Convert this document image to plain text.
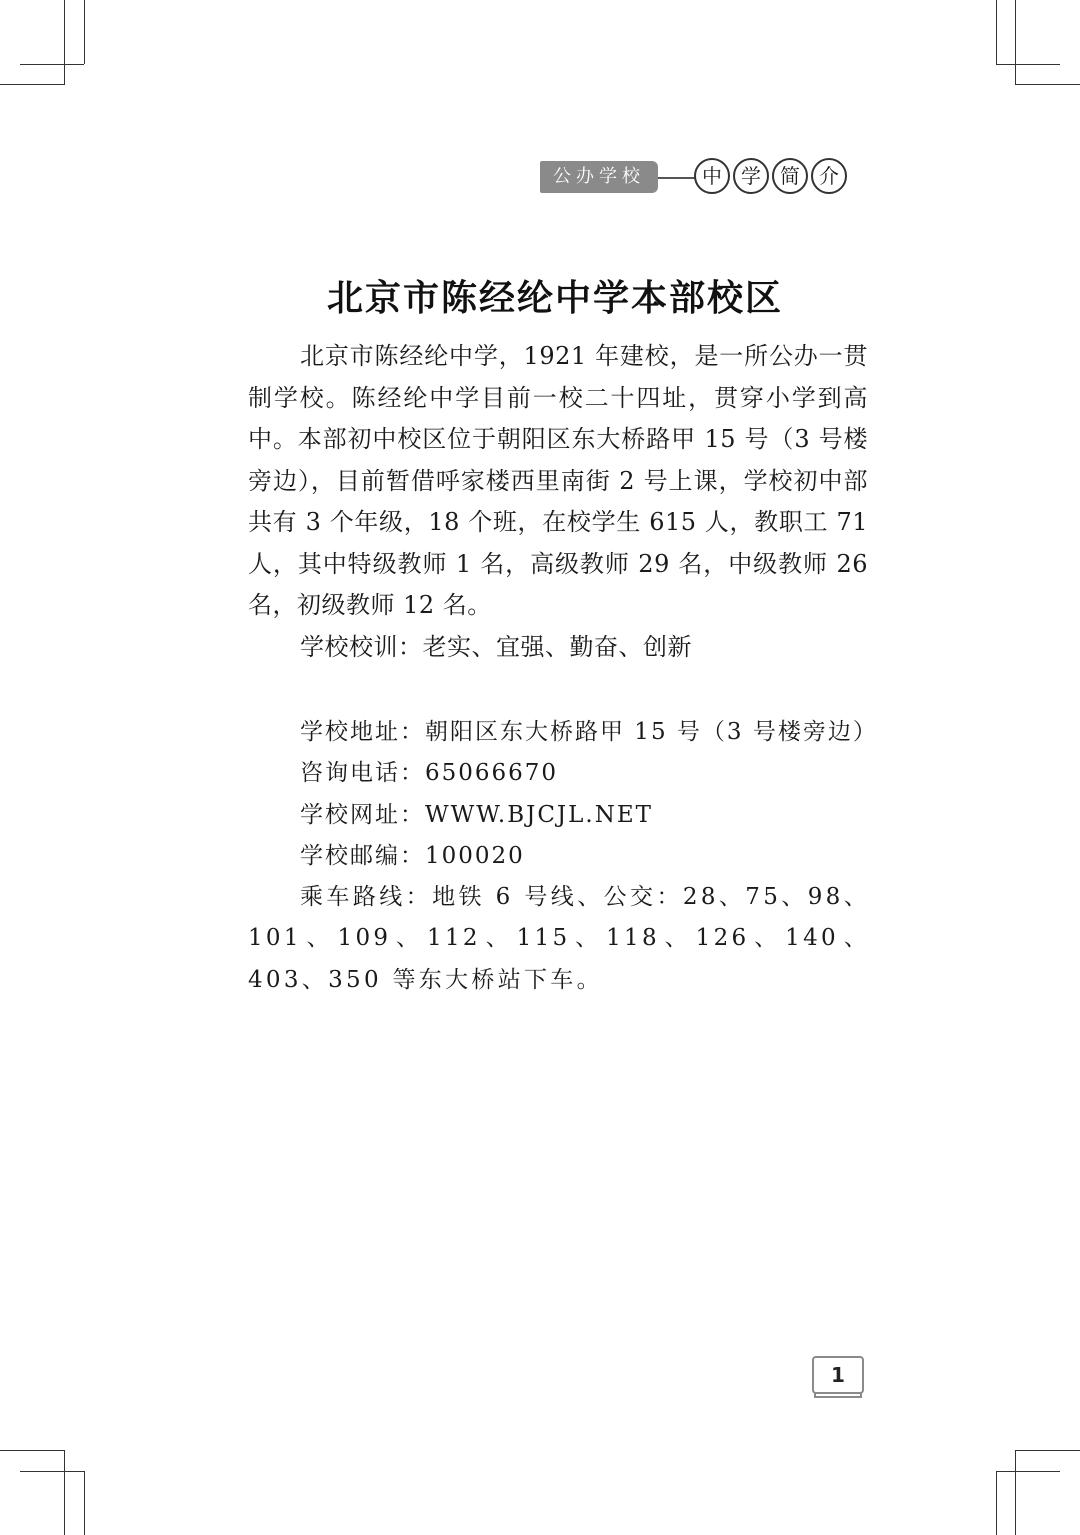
公办学校	中 学 简 介
北京市陈经纶中学本部校区

北京市陈经纶中学，1921 年建校，是一所公办一贯制学校。陈经纶中学目前一校二十四址，贯穿小学到高中。本部初中校区位于朝阳区东大桥路甲 15 号（3 号楼旁边），目前暂借呼家楼西里南街 2 号上课，学校初中部共有 3 个年级，18 个班，在校学生 615 人，教职工 71 人，其中特级教师 1 名，高级教师 29 名，中级教师 26 名，初级教师 12 名。

学校校训：老实、宜强、勤奋、创新

学校地址：朝阳区东大桥路甲 15 号（3 号楼旁边）

咨询电话：65066670

学校网址：WWW.BJCJL.NET

学校邮编：100020

乘车路线：地铁 6 号线、公交：28、75、98、101、109、112、115、118、126、140、403、350 等东大桥站下车。

1
